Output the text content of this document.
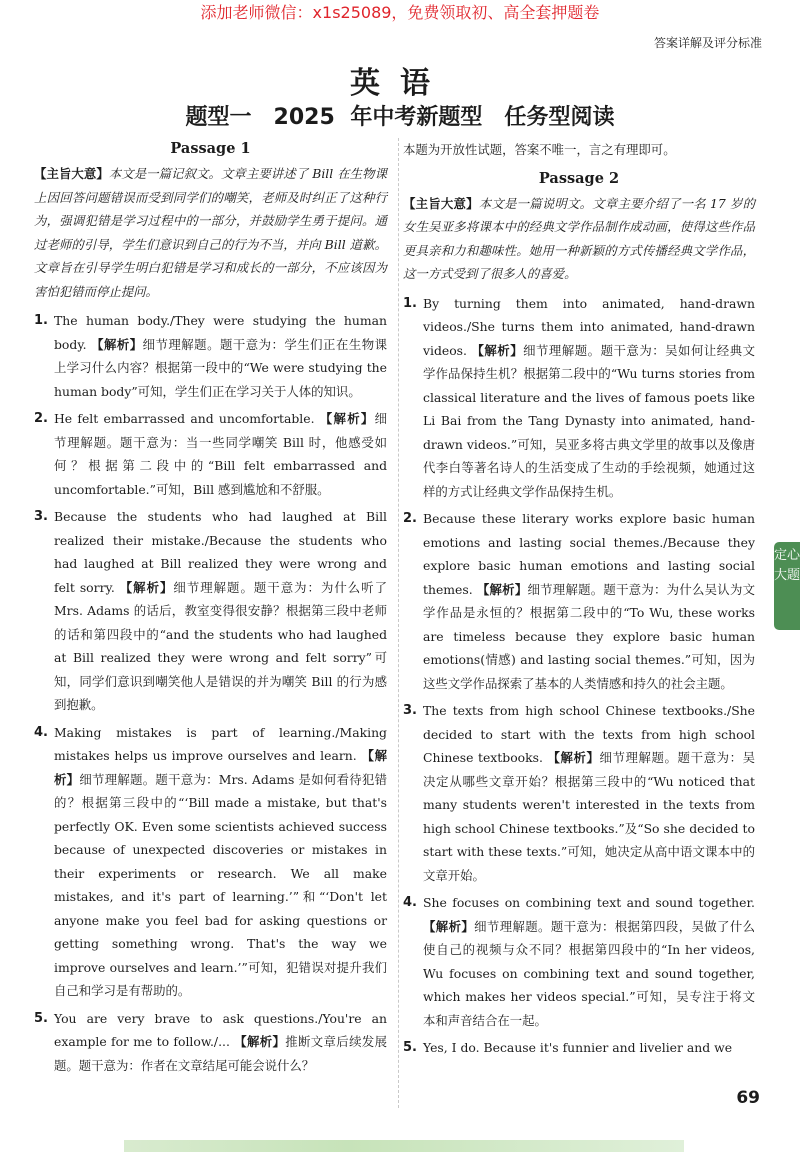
添加老师微信：x1s25089，免费领取初、高全套押题卷
答案详解及评分标准
英语
题型一　2025 年中考新题型　任务型阅读

Passage 1

【主旨大意】本文是一篇记叙文。文章主要讲述了 Bill 在生物课上因回答问题错误而受到同学们的嘲笑，老师及时纠正了这种行为，强调犯错是学习过程中的一部分，并鼓励学生勇于提问。通过老师的引导，学生们意识到自己的行为不当，并向 Bill 道歉。文章旨在引导学生明白犯错是学习和成长的一部分，不应该因为害怕犯错而停止提问。

1. The human body./They were studying the human body. 【解析】细节理解题。题干意为：学生们正在生物课上学习什么内容？根据第一段中的“We were studying the human body”可知，学生们正在学习关于人体的知识。
2. He felt embarrassed and uncomfortable. 【解析】细节理解题。题干意为：当一些同学嘲笑 Bill 时，他感受如何？根据第二段中的“Bill felt embarrassed and uncomfortable.”可知，Bill 感到尴尬和不舒服。
3. Because the students who had laughed at Bill realized their mistake./Because the students who had laughed at Bill realized they were wrong and felt sorry. 【解析】细节理解题。题干意为：为什么听了 Mrs. Adams 的话后，教室变得很安静？根据第三段中老师的话和第四段中的“and the students who had laughed at Bill realized they were wrong and felt sorry”可知，同学们意识到嘲笑他人是错误的并为嘲笑 Bill 的行为感到抱歉。
4. Making mistakes is part of learning./Making mistakes helps us improve ourselves and learn. 【解析】细节理解题。题干意为：Mrs. Adams 是如何看待犯错的？根据第三段中的“‘Bill made a mistake, but that's perfectly OK. Even some scientists achieved success because of unexpected discoveries or mistakes in their experiments or research. We all make mistakes, and it's part of learning.’”和“‘Don't let anyone make you feel bad for asking questions or getting something wrong. That's the way we improve ourselves and learn.’”可知，犯错误对提升我们自己和学习是有帮助的。
5. You are very brave to ask questions./You're an example for me to follow./... 【解析】推断文章后续发展题。题干意为：作者在文章结尾可能会说什么？

本题为开放性试题，答案不唯一，言之有理即可。

Passage 2

【主旨大意】本文是一篇说明文。文章主要介绍了一名 17 岁的女生吴亚多将课本中的经典文学作品制作成动画，使得这些作品更具亲和力和趣味性。她用一种新颖的方式传播经典文学作品，这一方式受到了很多人的喜爱。

1. By turning them into animated, hand-drawn videos./She turns them into animated, hand-drawn videos. 【解析】细节理解题。题干意为：吴如何让经典文学作品保持生机？根据第二段中的“Wu turns stories from classical literature and the lives of famous poets like Li Bai from the Tang Dynasty into animated, hand-drawn videos.”可知，吴亚多将古典文学里的故事以及像唐代李白等著名诗人的生活变成了生动的手绘视频，她通过这样的方式让经典文学作品保持生机。
2. Because these literary works explore basic human emotions and lasting social themes./Because they explore basic human emotions and lasting social themes. 【解析】细节理解题。题干意为：为什么吴认为文学作品是永恒的？根据第二段中的“To Wu, these works are timeless because they explore basic human emotions(情感) and lasting social themes.”可知，因为这些文学作品探索了基本的人类情感和持久的社会主题。
3. The texts from high school Chinese textbooks./She decided to start with the texts from high school Chinese textbooks. 【解析】细节理解题。题干意为：吴决定从哪些文章开始？根据第三段中的“Wu noticed that many students weren't interested in the texts from high school Chinese textbooks.”及“So she decided to start with these texts.”可知，她决定从高中语文课本中的文章开始。
4. She focuses on combining text and sound together. 【解析】细节理解题。题干意为：根据第四段，吴做了什么使自己的视频与众不同？根据第四段中的“In her videos, Wu focuses on combining text and sound together, which makes her videos special.”可知，吴专注于将文本和声音结合在一起。
5. Yes, I do. Because it's funnier and livelier and we
定心大题
69
